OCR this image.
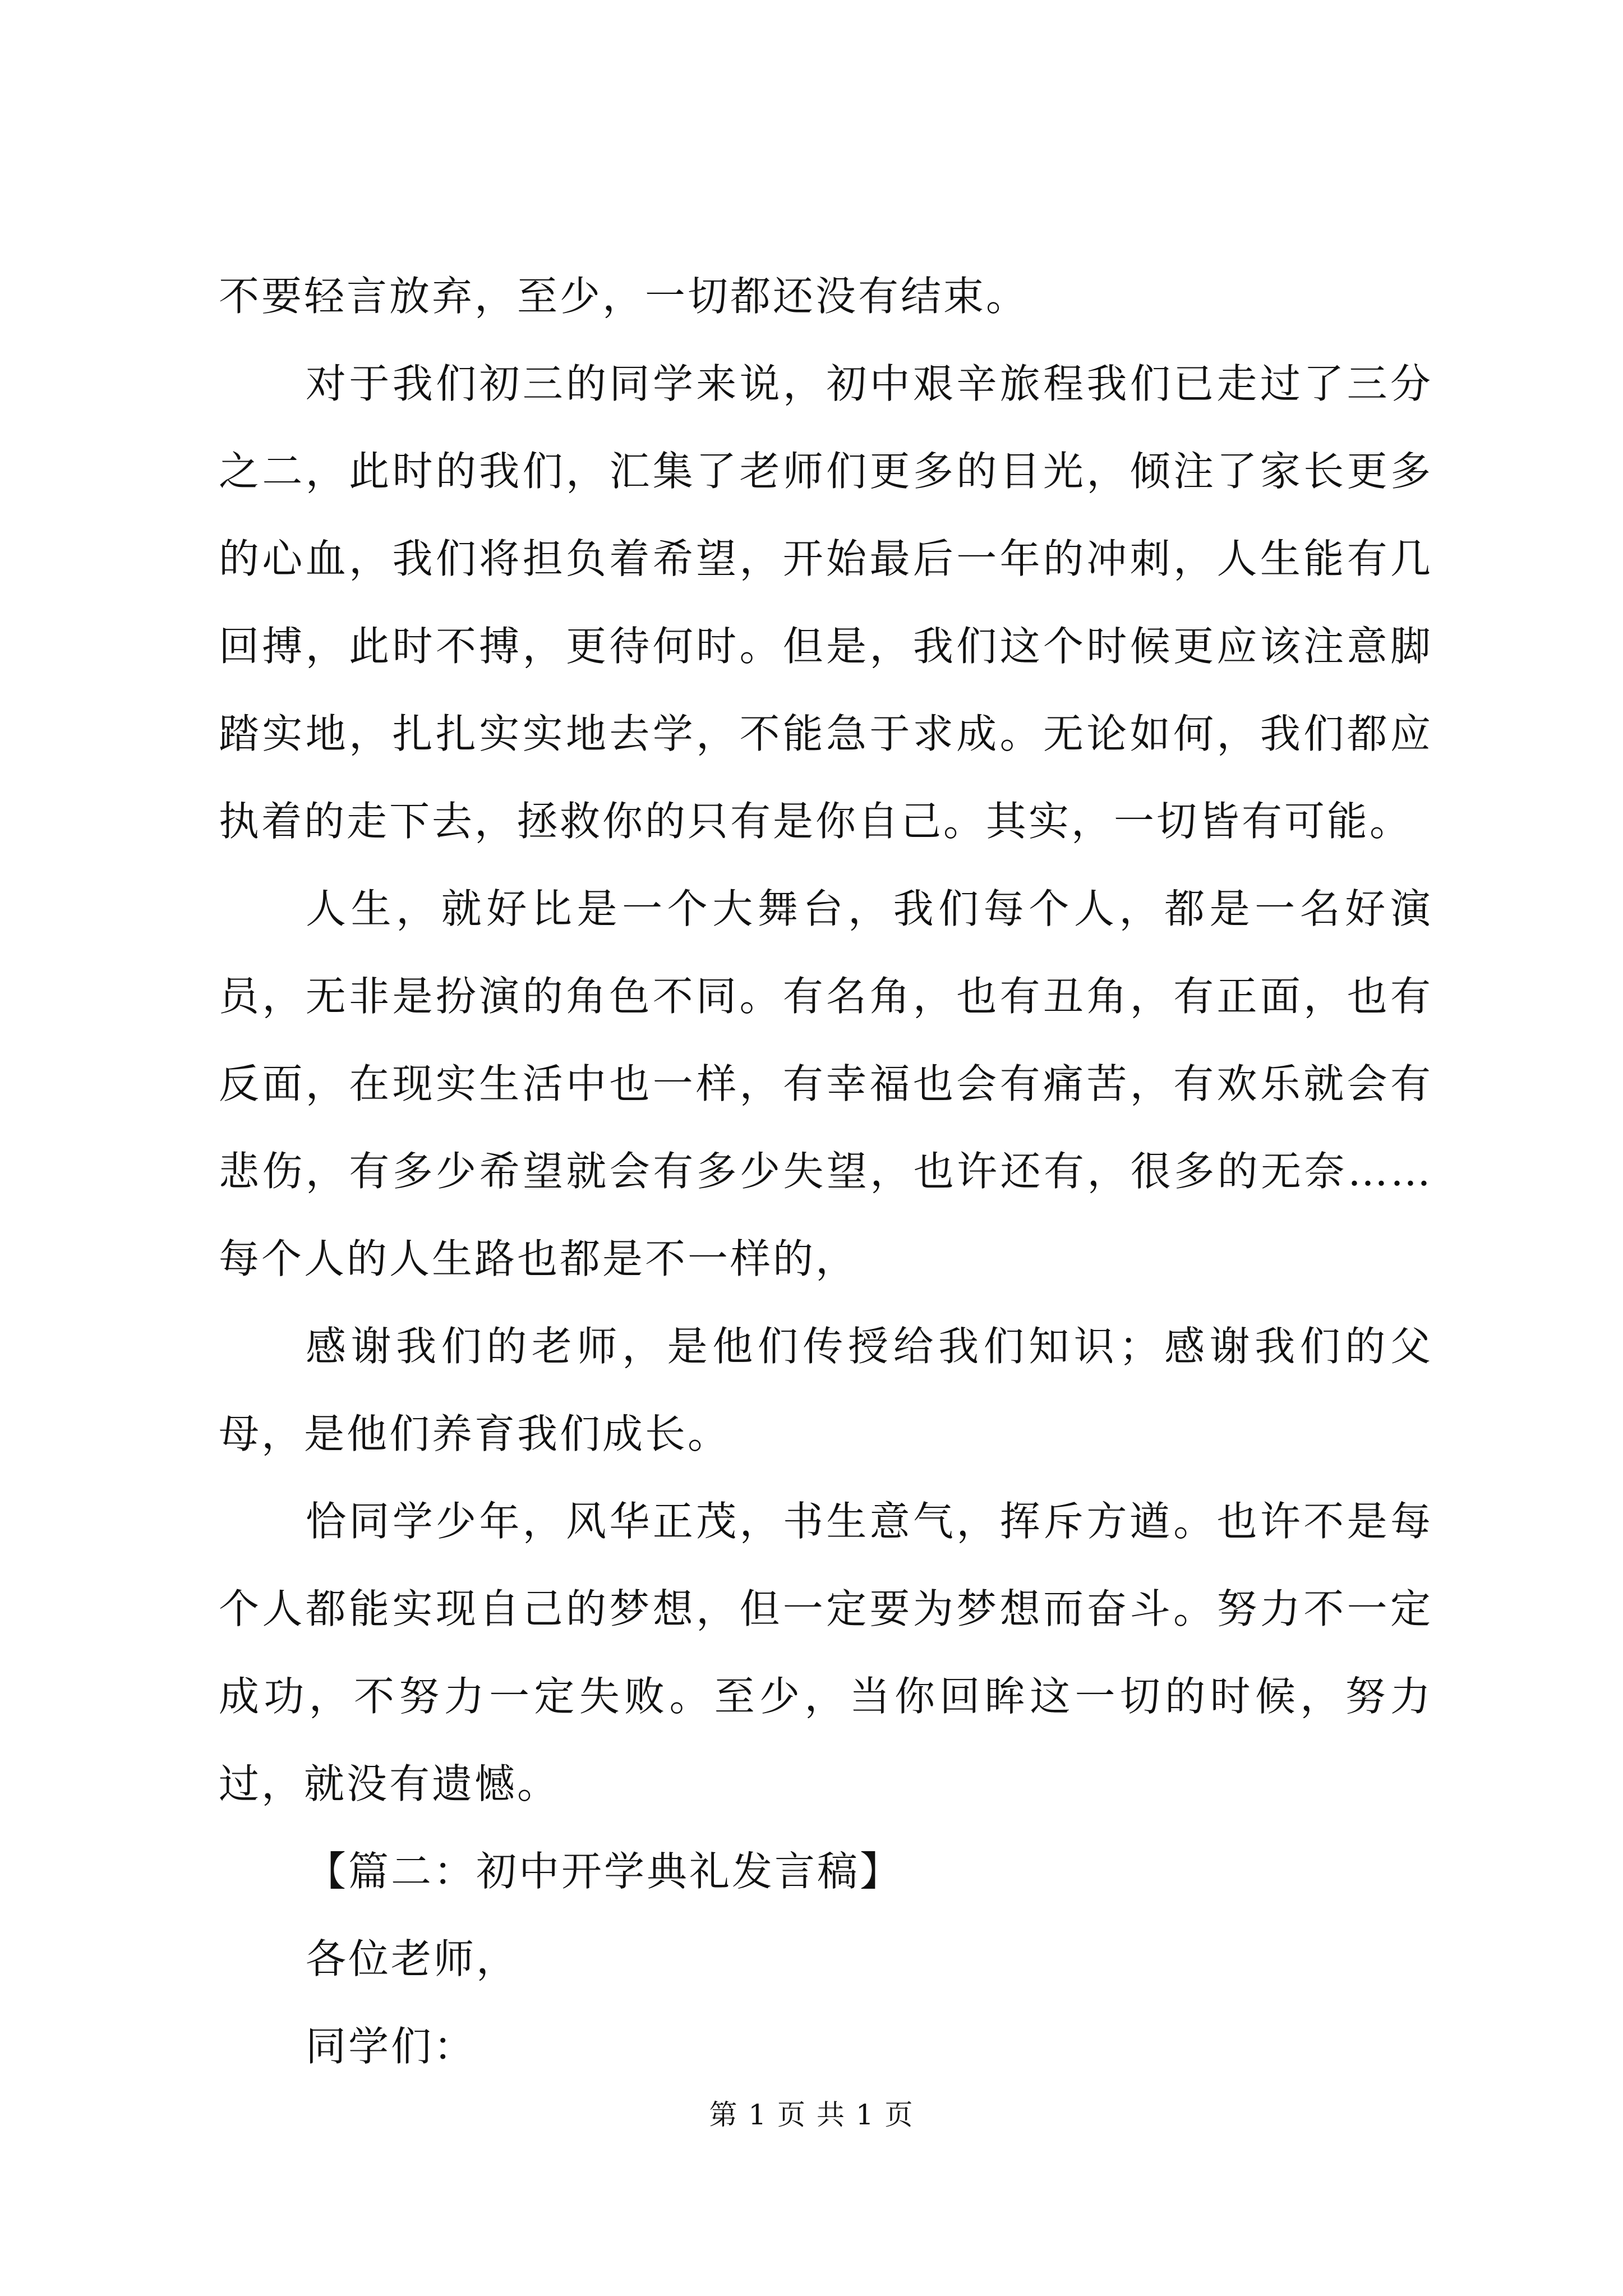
不要轻言放弃，至少，一切都还没有结束。

对于我们初三的同学来说，初中艰辛旅程我们已走过了三分之二，此时的我们，汇集了老师们更多的目光，倾注了家长更多的心血，我们将担负着希望，开始最后一年的冲刺，人生能有几回搏，此时不搏，更待何时。但是，我们这个时候更应该注意脚踏实地，扎扎实实地去学，不能急于求成。无论如何，我们都应执着的走下去，拯救你的只有是你自己。其实，一切皆有可能。

人生，就好比是一个大舞台，我们每个人，都是一名好演员，无非是扮演的角色不同。有名角，也有丑角，有正面，也有反面，在现实生活中也一样，有幸福也会有痛苦，有欢乐就会有悲伤，有多少希望就会有多少失望，也许还有，很多的无奈……每个人的人生路也都是不一样的，

感谢我们的老师，是他们传授给我们知识；感谢我们的父母，是他们养育我们成长。

恰同学少年，风华正茂，书生意气，挥斥方遒。也许不是每个人都能实现自己的梦想，但一定要为梦想而奋斗。努力不一定成功，不努力一定失败。至少，当你回眸这一切的时候，努力过，就没有遗憾。

【篇二：初中开学典礼发言稿】

各位老师，

同学们：

第 1 页 共 1 页
